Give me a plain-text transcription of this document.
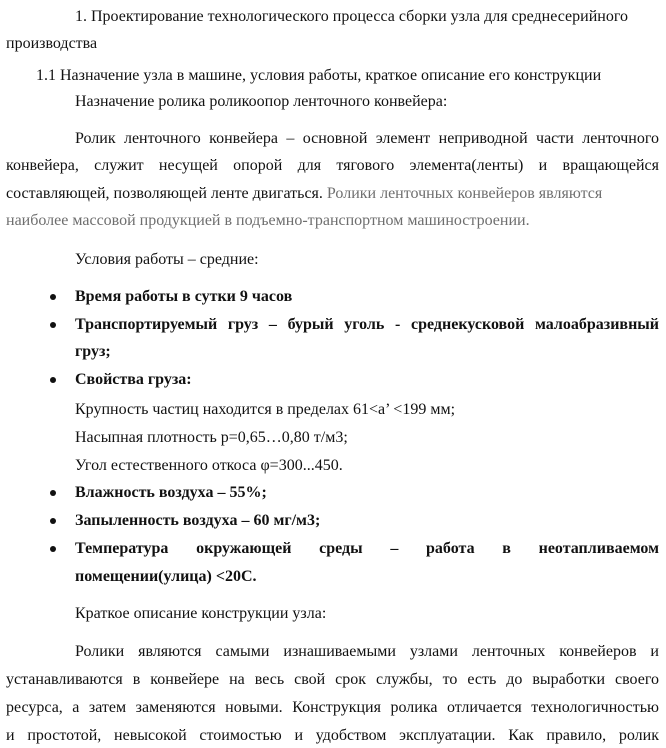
1. Проектирование технологического процесса сборки узла для среднесерийного
производства
1.1 Назначение узла в машине, условия работы, краткое описание его конструкции
Назначение ролика роликоопор ленточного конвейера:
Ролик ленточного конвейера – основной элемент неприводной части ленточного
конвейера, служит несущей опорой для тягового элемента(ленты) и вращающейся
составляющей, позволяющей ленте двигаться. Ролики ленточных конвейеров являются
наиболее массовой продукцией в подъемно-транспортном машиностроении.
Условия работы – средние:
Время работы в сутки 9 часов
Транспортируемый груз – бурый уголь - среднекусковой малоабразивный
груз;
Свойства груза:
Крупность частиц находится в пределах 61<a’ <199 мм;
Насыпная плотность p=0,65…0,80 т/м3;
Угол естественного откоса φ=300...450.
Влажность воздуха – 55%;
Запыленность воздуха – 60 мг/м3;
Температура окружающей среды – работа в неотапливаемом
помещении(улица) <20С.
Краткое описание конструкции узла:
Ролики являются самыми изнашиваемыми узлами ленточных конвейеров и
устанавливаются в конвейере на весь свой срок службы, то есть до выработки своего
ресурса, а затем заменяются новыми. Конструкция ролика отличается технологичностью
и простотой, невысокой стоимостью и удобством эксплуатации. Как правило, ролик
